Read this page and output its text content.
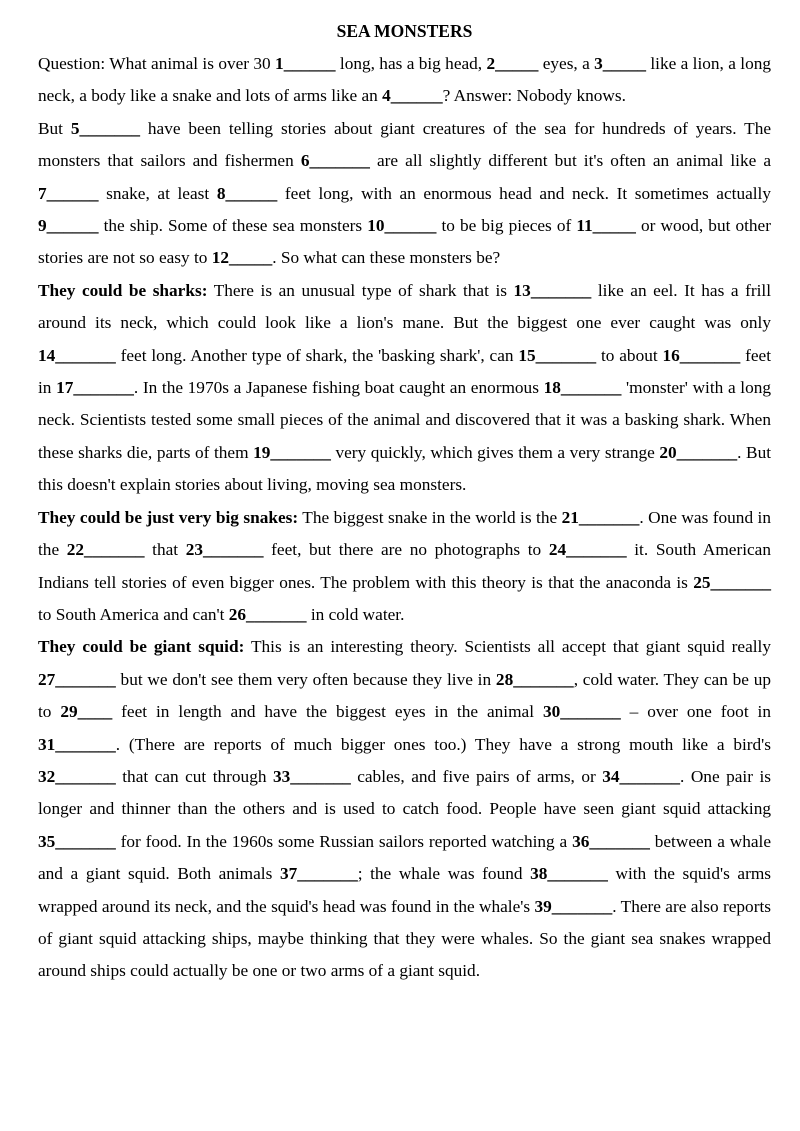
SEA MONSTERS

Question: What animal is over 30 1______ long, has a big head, 2_____ eyes, a 3_____ like a lion, a long neck, a body like a snake and lots of arms like an 4______? Answer: Nobody knows.

But 5_______ have been telling stories about giant creatures of the sea for hundreds of years. The monsters that sailors and fishermen 6_______ are all slightly different but it's often an animal like a 7______ snake, at least 8______ feet long, with an enormous head and neck. It sometimes actually 9______ the ship. Some of these sea monsters 10______ to be big pieces of 11_____ or wood, but other stories are not so easy to 12_____. So what can these monsters be?

They could be sharks: There is an unusual type of shark that is 13_______ like an eel. It has a frill around its neck, which could look like a lion's mane. But the biggest one ever caught was only 14_______ feet long. Another type of shark, the 'basking shark', can 15_______ to about 16_______ feet in 17_______. In the 1970s a Japanese fishing boat caught an enormous 18_______ 'monster' with a long neck. Scientists tested some small pieces of the animal and discovered that it was a basking shark. When these sharks die, parts of them 19_______ very quickly, which gives them a very strange 20_______. But this doesn't explain stories about living, moving sea monsters.

They could be just very big snakes: The biggest snake in the world is the 21_______. One was found in the 22_______ that 23_______ feet, but there are no photographs to 24_______ it. South American Indians tell stories of even bigger ones. The problem with this theory is that the anaconda is 25_______ to South America and can't 26_______ in cold water.

They could be giant squid: This is an interesting theory. Scientists all accept that giant squid really 27_______ but we don't see them very often because they live in 28_______, cold water. They can be up to 29____ feet in length and have the biggest eyes in the animal 30_______ – over one foot in 31_______. (There are reports of much bigger ones too.) They have a strong mouth like a bird's 32_______ that can cut through 33_______ cables, and five pairs of arms, or 34_______. One pair is longer and thinner than the others and is used to catch food. People have seen giant squid attacking 35_______ for food. In the 1960s some Russian sailors reported watching a 36_______ between a whale and a giant squid. Both animals 37_______; the whale was found 38_______ with the squid's arms wrapped around its neck, and the squid's head was found in the whale's 39_______. There are also reports of giant squid attacking ships, maybe thinking that they were whales. So the giant sea snakes wrapped around ships could actually be one or two arms of a giant squid.
